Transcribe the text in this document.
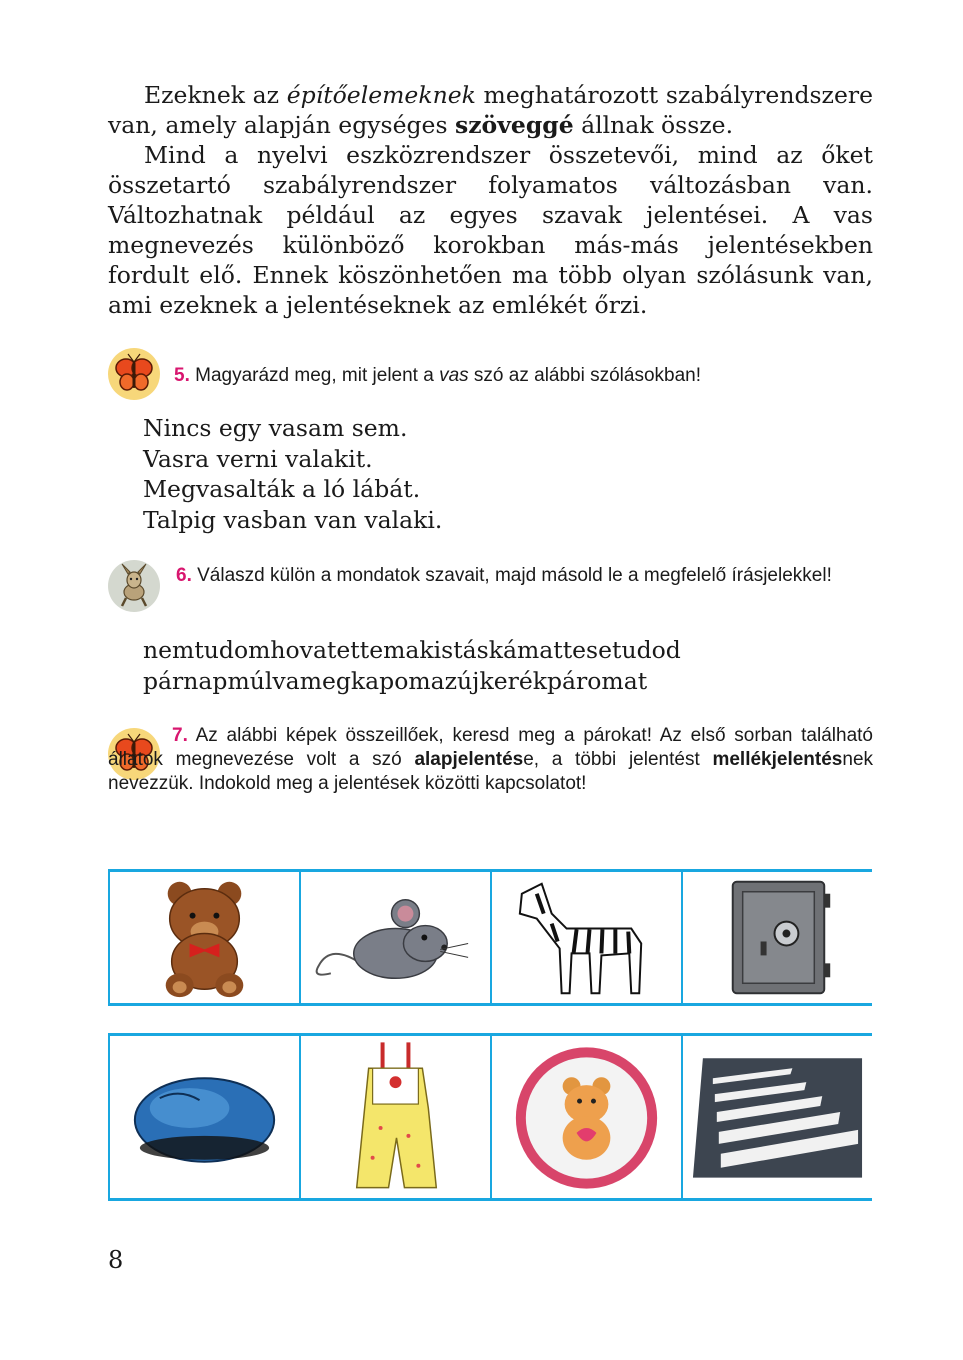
Ezeknek az építőelemeknek meghatározott szabályrendszere van, amely alapján egységes szöveggé állnak össze.

Mind a nyelvi eszközrendszer összetevői, mind az őket összetartó szabályrendszer folyamatos változásban van. Változhatnak például az egyes szavak jelentései. A vas megnevezés különböző korokban más-más jelentésekben fordult elő. Ennek köszönhetően ma több olyan szólásunk van, ami ezeknek a jelentéseknek az emlékét őrzi.

5. Magyarázd meg, mit jelent a vas szó az alábbi szólásokban!
Nincs egy vasam sem.
Vasra verni valakit.
Megvasalták a ló lábát.
Talpig vasban van valaki.
6. Válaszd külön a mondatok szavait, majd másold le a megfelelő írásjelekkel!
nemtudomhovatettemakistáskámattesetudod
párnapmúlvamegkapomazújkerékpáromat
7. Az alábbi képek összeillőek, keresd meg a párokat! Az első sorban található állatok megnevezése volt a szó alapjelentése, a többi jelentést mellékjelentésnek nevezzük. Indokold meg a jelentések közötti kapcsolatot!
8
